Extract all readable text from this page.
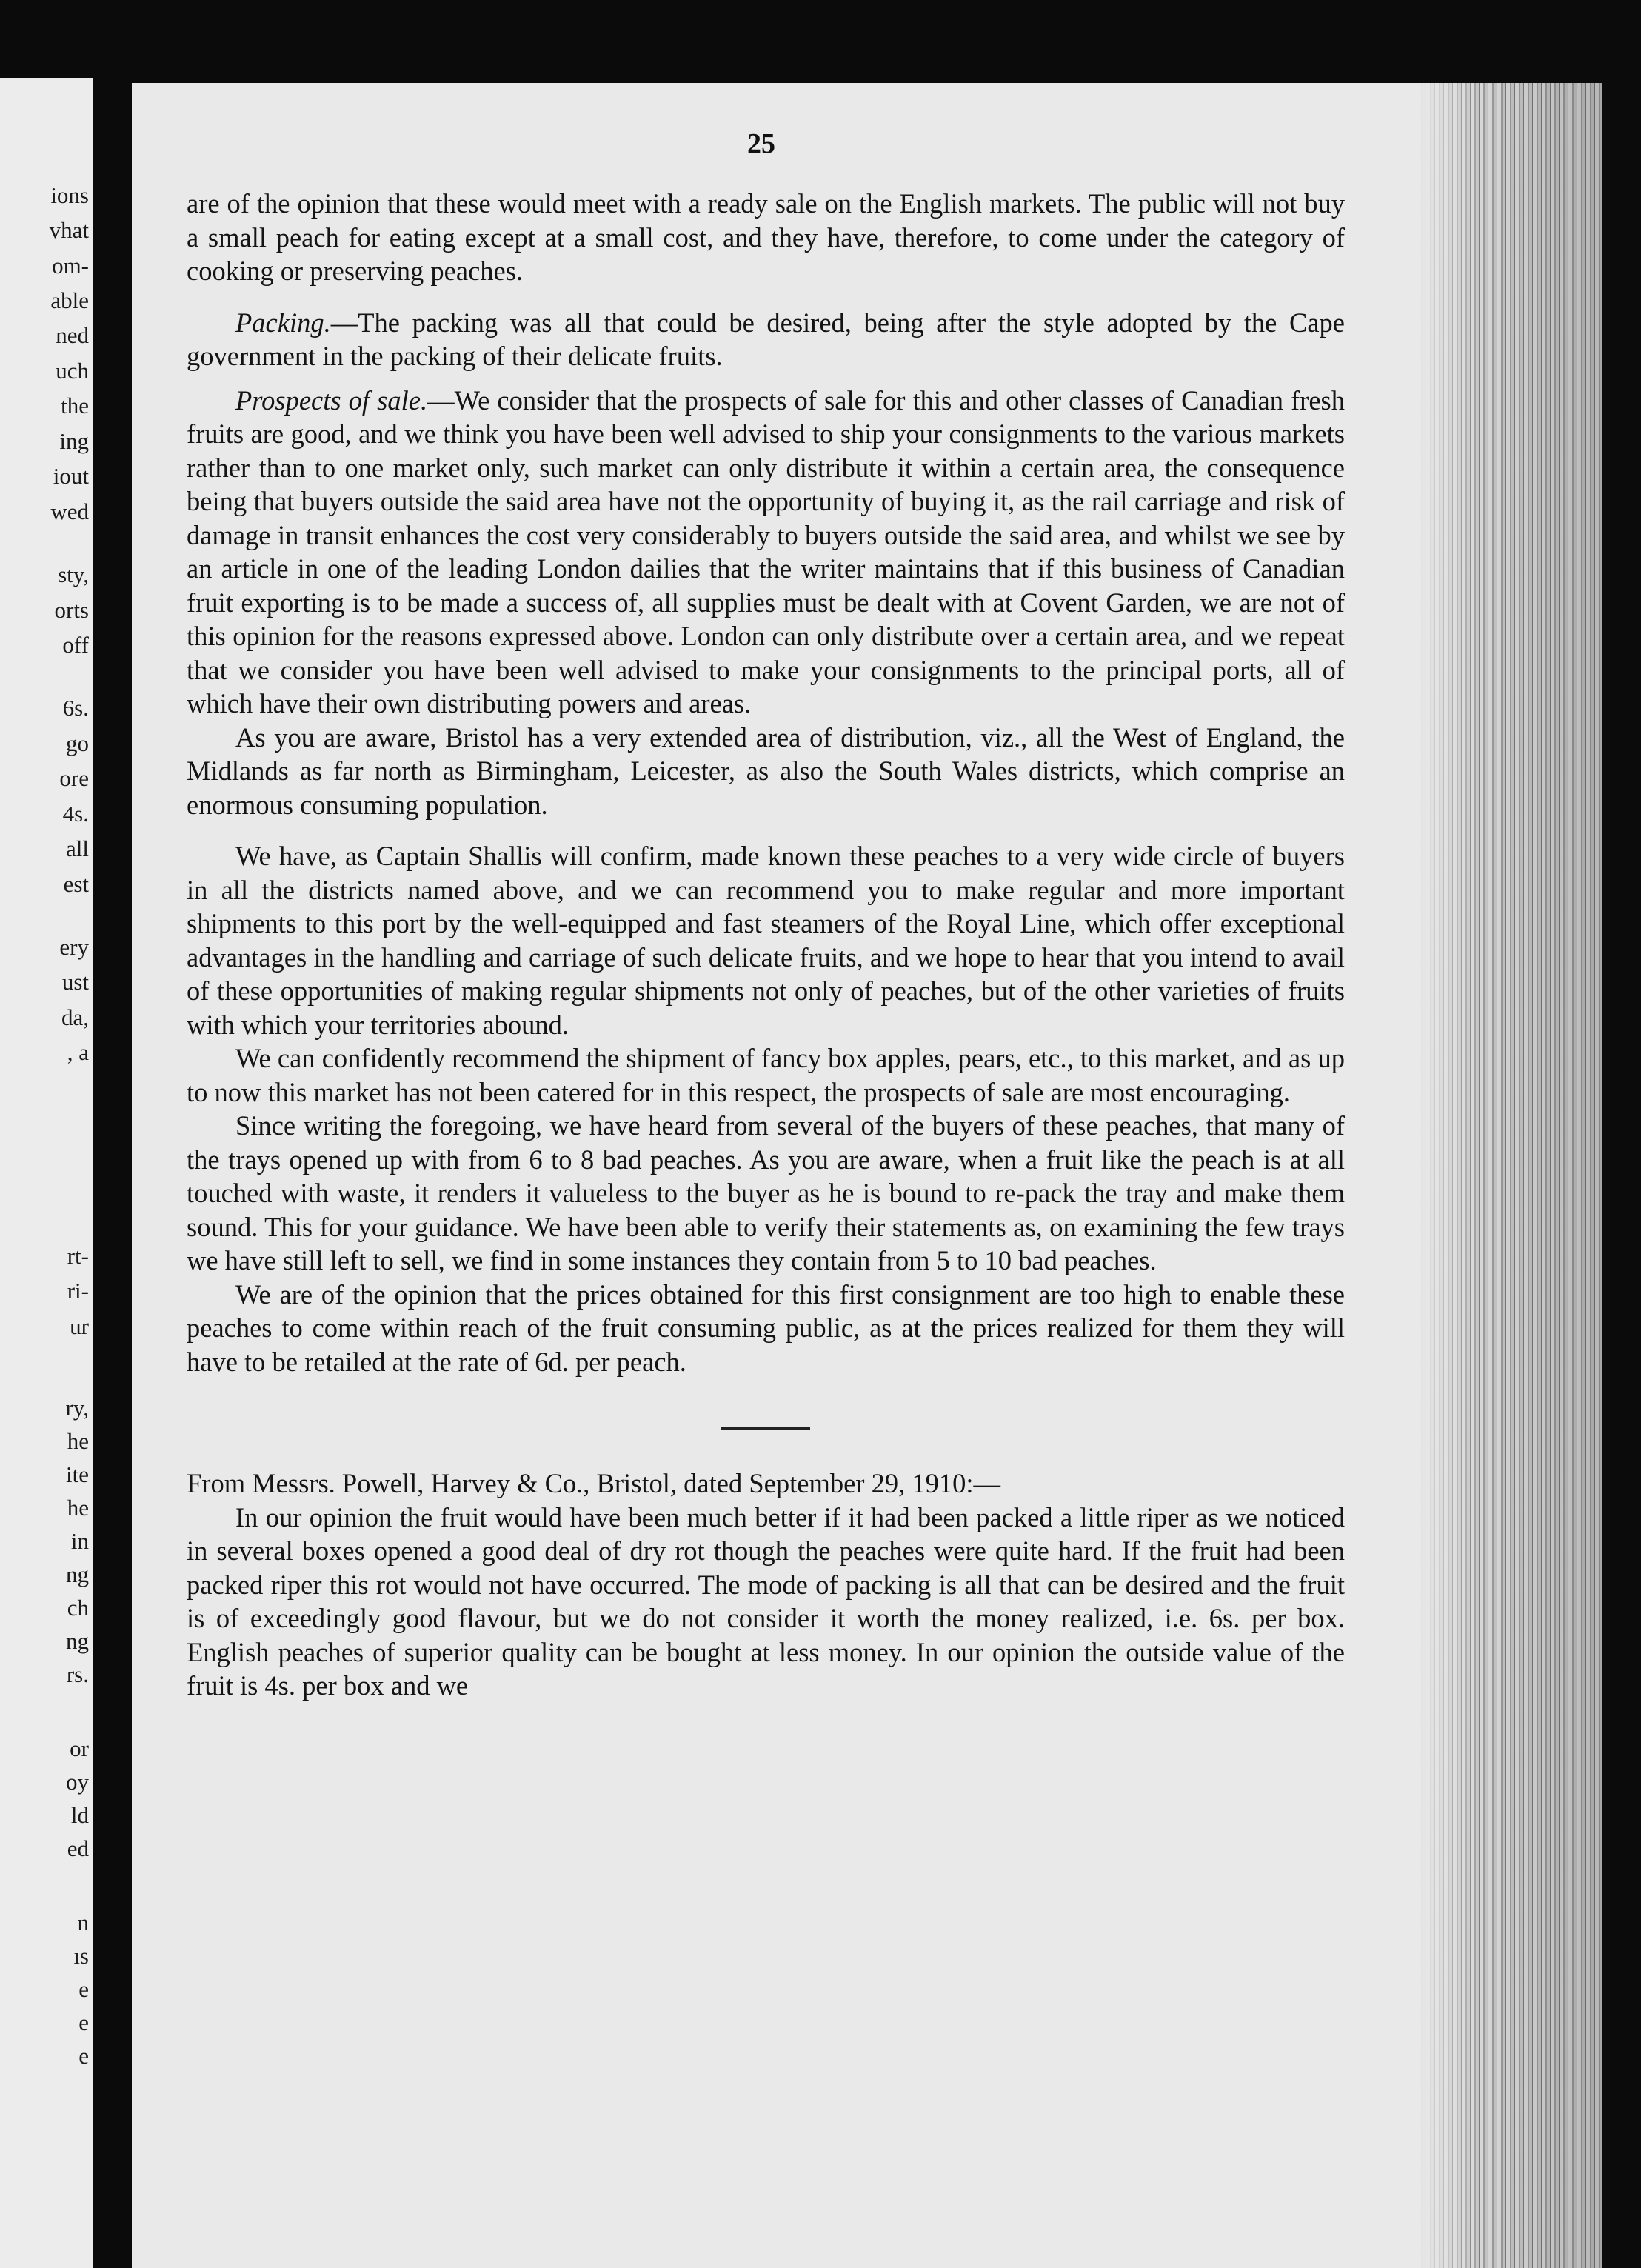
ions
vhat
om-
able
ned
uch
the
ing
iout
wed
sty,
orts
off
6s.
go
ore
4s.
all
est
ery
ust
da,
, a
rt-
ri-
ur
ry,
he
ite
he
in
ng
ch
ng
rs.
or
oy
ld
ed
n
ıs
e
e
e
25

are of the opinion that these would meet with a ready sale on the English markets. The public will not buy a small peach for eating except at a small cost, and they have, therefore, to come under the category of cooking or preserving peaches.

Packing.—The packing was all that could be desired, being after the style adopted by the Cape government in the packing of their delicate fruits.

Prospects of sale.—We consider that the prospects of sale for this and other classes of Canadian fresh fruits are good, and we think you have been well advised to ship your consignments to the various markets rather than to one market only, such market can only distribute it within a certain area, the consequence being that buyers outside the said area have not the opportunity of buying it, as the rail carriage and risk of damage in transit enhances the cost very considerably to buyers outside the said area, and whilst we see by an article in one of the leading London dailies that the writer maintains that if this business of Canadian fruit exporting is to be made a success of, all supplies must be dealt with at Covent Garden, we are not of this opinion for the reasons expressed above. London can only distribute over a certain area, and we repeat that we consider you have been well advised to make your consignments to the principal ports, all of which have their own distributing powers and areas.

As you are aware, Bristol has a very extended area of distribution, viz., all the West of England, the Midlands as far north as Birmingham, Leicester, as also the South Wales districts, which comprise an enormous consuming population.

We have, as Captain Shallis will confirm, made known these peaches to a very wide circle of buyers in all the districts named above, and we can recommend you to make regular and more important shipments to this port by the well-equipped and fast steamers of the Royal Line, which offer exceptional advantages in the handling and carriage of such delicate fruits, and we hope to hear that you intend to avail of these opportunities of making regular shipments not only of peaches, but of the other varieties of fruits with which your territories abound.

We can confidently recommend the shipment of fancy box apples, pears, etc., to this market, and as up to now this market has not been catered for in this respect, the prospects of sale are most encouraging.

Since writing the foregoing, we have heard from several of the buyers of these peaches, that many of the trays opened up with from 6 to 8 bad peaches. As you are aware, when a fruit like the peach is at all touched with waste, it renders it valueless to the buyer as he is bound to re-pack the tray and make them sound. This for your guidance. We have been able to verify their statements as, on examining the few trays we have still left to sell, we find in some instances they contain from 5 to 10 bad peaches.

We are of the opinion that the prices obtained for this first consignment are too high to enable these peaches to come within reach of the fruit consuming public, as at the prices realized for them they will have to be retailed at the rate of 6d. per peach.

From Messrs. Powell, Harvey & Co., Bristol, dated September 29, 1910:—

In our opinion the fruit would have been much better if it had been packed a little riper as we noticed in several boxes opened a good deal of dry rot though the peaches were quite hard. If the fruit had been packed riper this rot would not have occurred. The mode of packing is all that can be desired and the fruit is of exceedingly good flavour, but we do not consider it worth the money realized, i.e. 6s. per box. English peaches of superior quality can be bought at less money. In our opinion the outside value of the fruit is 4s. per box and we
